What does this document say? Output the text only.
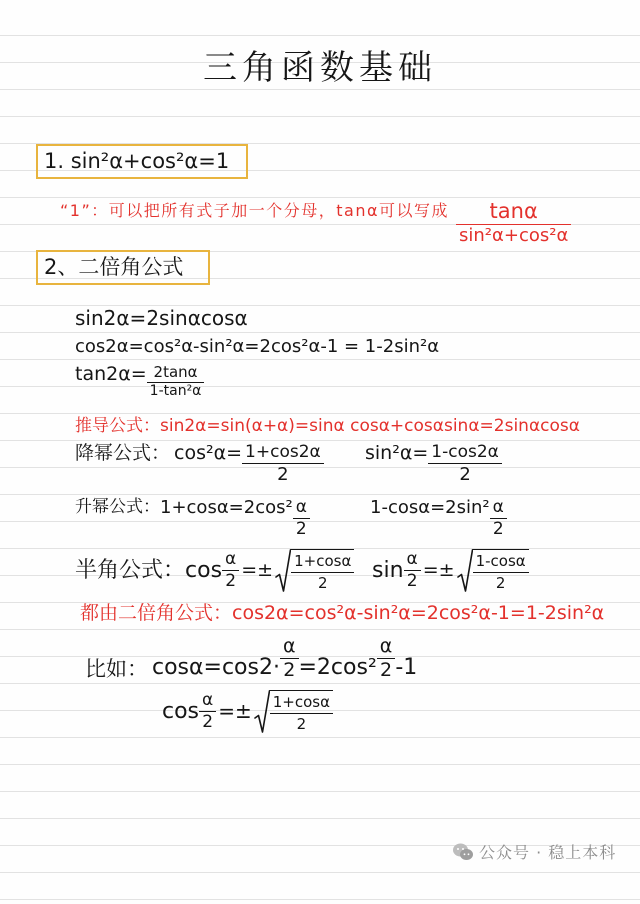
三角函数基础
1. sin²α+cos²α=1
“1”：可以把所有式子加一个分母，tanα可以写成 $\frac{\tan\alpha}{\text{sin²α+cos²α}}$
2、二倍角公式
sin2α=2sinαcosα
cos2α=cos²α-sin²α=2cos²α-1 = 1-2sin²α
$\tan 2\alpha= \frac{2\tan\alpha}{\text{1-tan²α}}$
推导公式：sin2α=sin(α+α)=sinα cosα+cosαsinα=2sinαcosα
降幂公式： $\cos^2\alpha= \frac{1+\cos 2\alpha}{2} \sin^2\alpha= \frac{1-\cos 2\alpha}{2}$
升幂公式： $1+\cos\alpha=2\cos^2 \frac{\alpha}{2}$	$1-\cos\alpha=2\sin^2 \frac{\alpha}{2}$
半角公式： $\cos \frac{\alpha}{2} =\pm \frac{1+\cos\alpha}{2}$ $\sin \frac{\alpha}{2} =\pm \frac{1-\cos\alpha}{2}$
都由二倍角公式：cos2α=cos²α-sin²α=2cos²α-1=1-2sin²α
比如： $\cos\alpha=\cos 2\cdot \frac{\alpha}{2} =2\cos^2 \frac{\alpha}{2} -1$
$\cos \frac{\alpha}{2} =\pm \frac{1+\cos\alpha}{2}$
公众号 · 稳上本科
